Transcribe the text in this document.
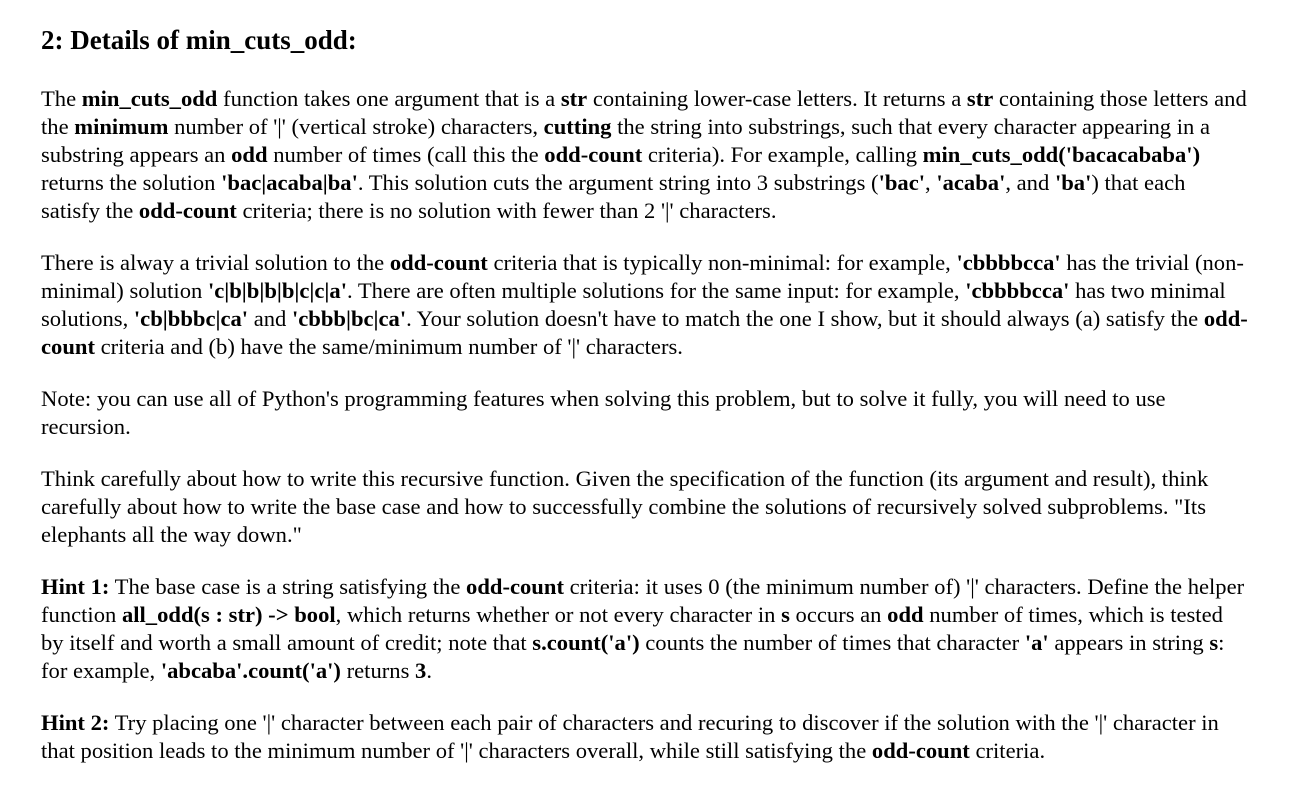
2: Details of min_cuts_odd:

The min_cuts_odd function takes one argument that is a str containing lower-case letters. It returns a str containing those letters and the minimum number of '|' (vertical stroke) characters, cutting the string into substrings, such that every character appearing in a substring appears an odd number of times (call this the odd-count criteria). For example, calling min_cuts_odd('bacacababa') returns the solution 'bac|acaba|ba'. This solution cuts the argument string into 3 substrings ('bac', 'acaba', and 'ba') that each satisfy the odd-count criteria; there is no solution with fewer than 2 '|' characters.

There is alway a trivial solution to the odd-count criteria that is typically non-minimal: for example, 'cbbbbcca' has the trivial (non-minimal) solution 'c|b|b|b|b|c|c|a'. There are often multiple solutions for the same input: for example, 'cbbbbcca' has two minimal solutions, 'cb|bbbc|ca' and 'cbbb|bc|ca'. Your solution doesn't have to match the one I show, but it should always (a) satisfy the odd-count criteria and (b) have the same/minimum number of '|' characters.

Note: you can use all of Python's programming features when solving this problem, but to solve it fully, you will need to use recursion.

Think carefully about how to write this recursive function. Given the specification of the function (its argument and result), think carefully about how to write the base case and how to successfully combine the solutions of recursively solved subproblems. "Its elephants all the way down."

Hint 1: The base case is a string satisfying the odd-count criteria: it uses 0 (the minimum number of) '|' characters. Define the helper function all_odd(s : str) -> bool, which returns whether or not every character in s occurs an odd number of times, which is tested by itself and worth a small amount of credit; note that s.count('a') counts the number of times that character 'a' appears in string s: for example, 'abcaba'.count('a') returns 3.

Hint 2: Try placing one '|' character between each pair of characters and recuring to discover if the solution with the '|' character in that position leads to the minimum number of '|' characters overall, while still satisfying the odd-count criteria.
